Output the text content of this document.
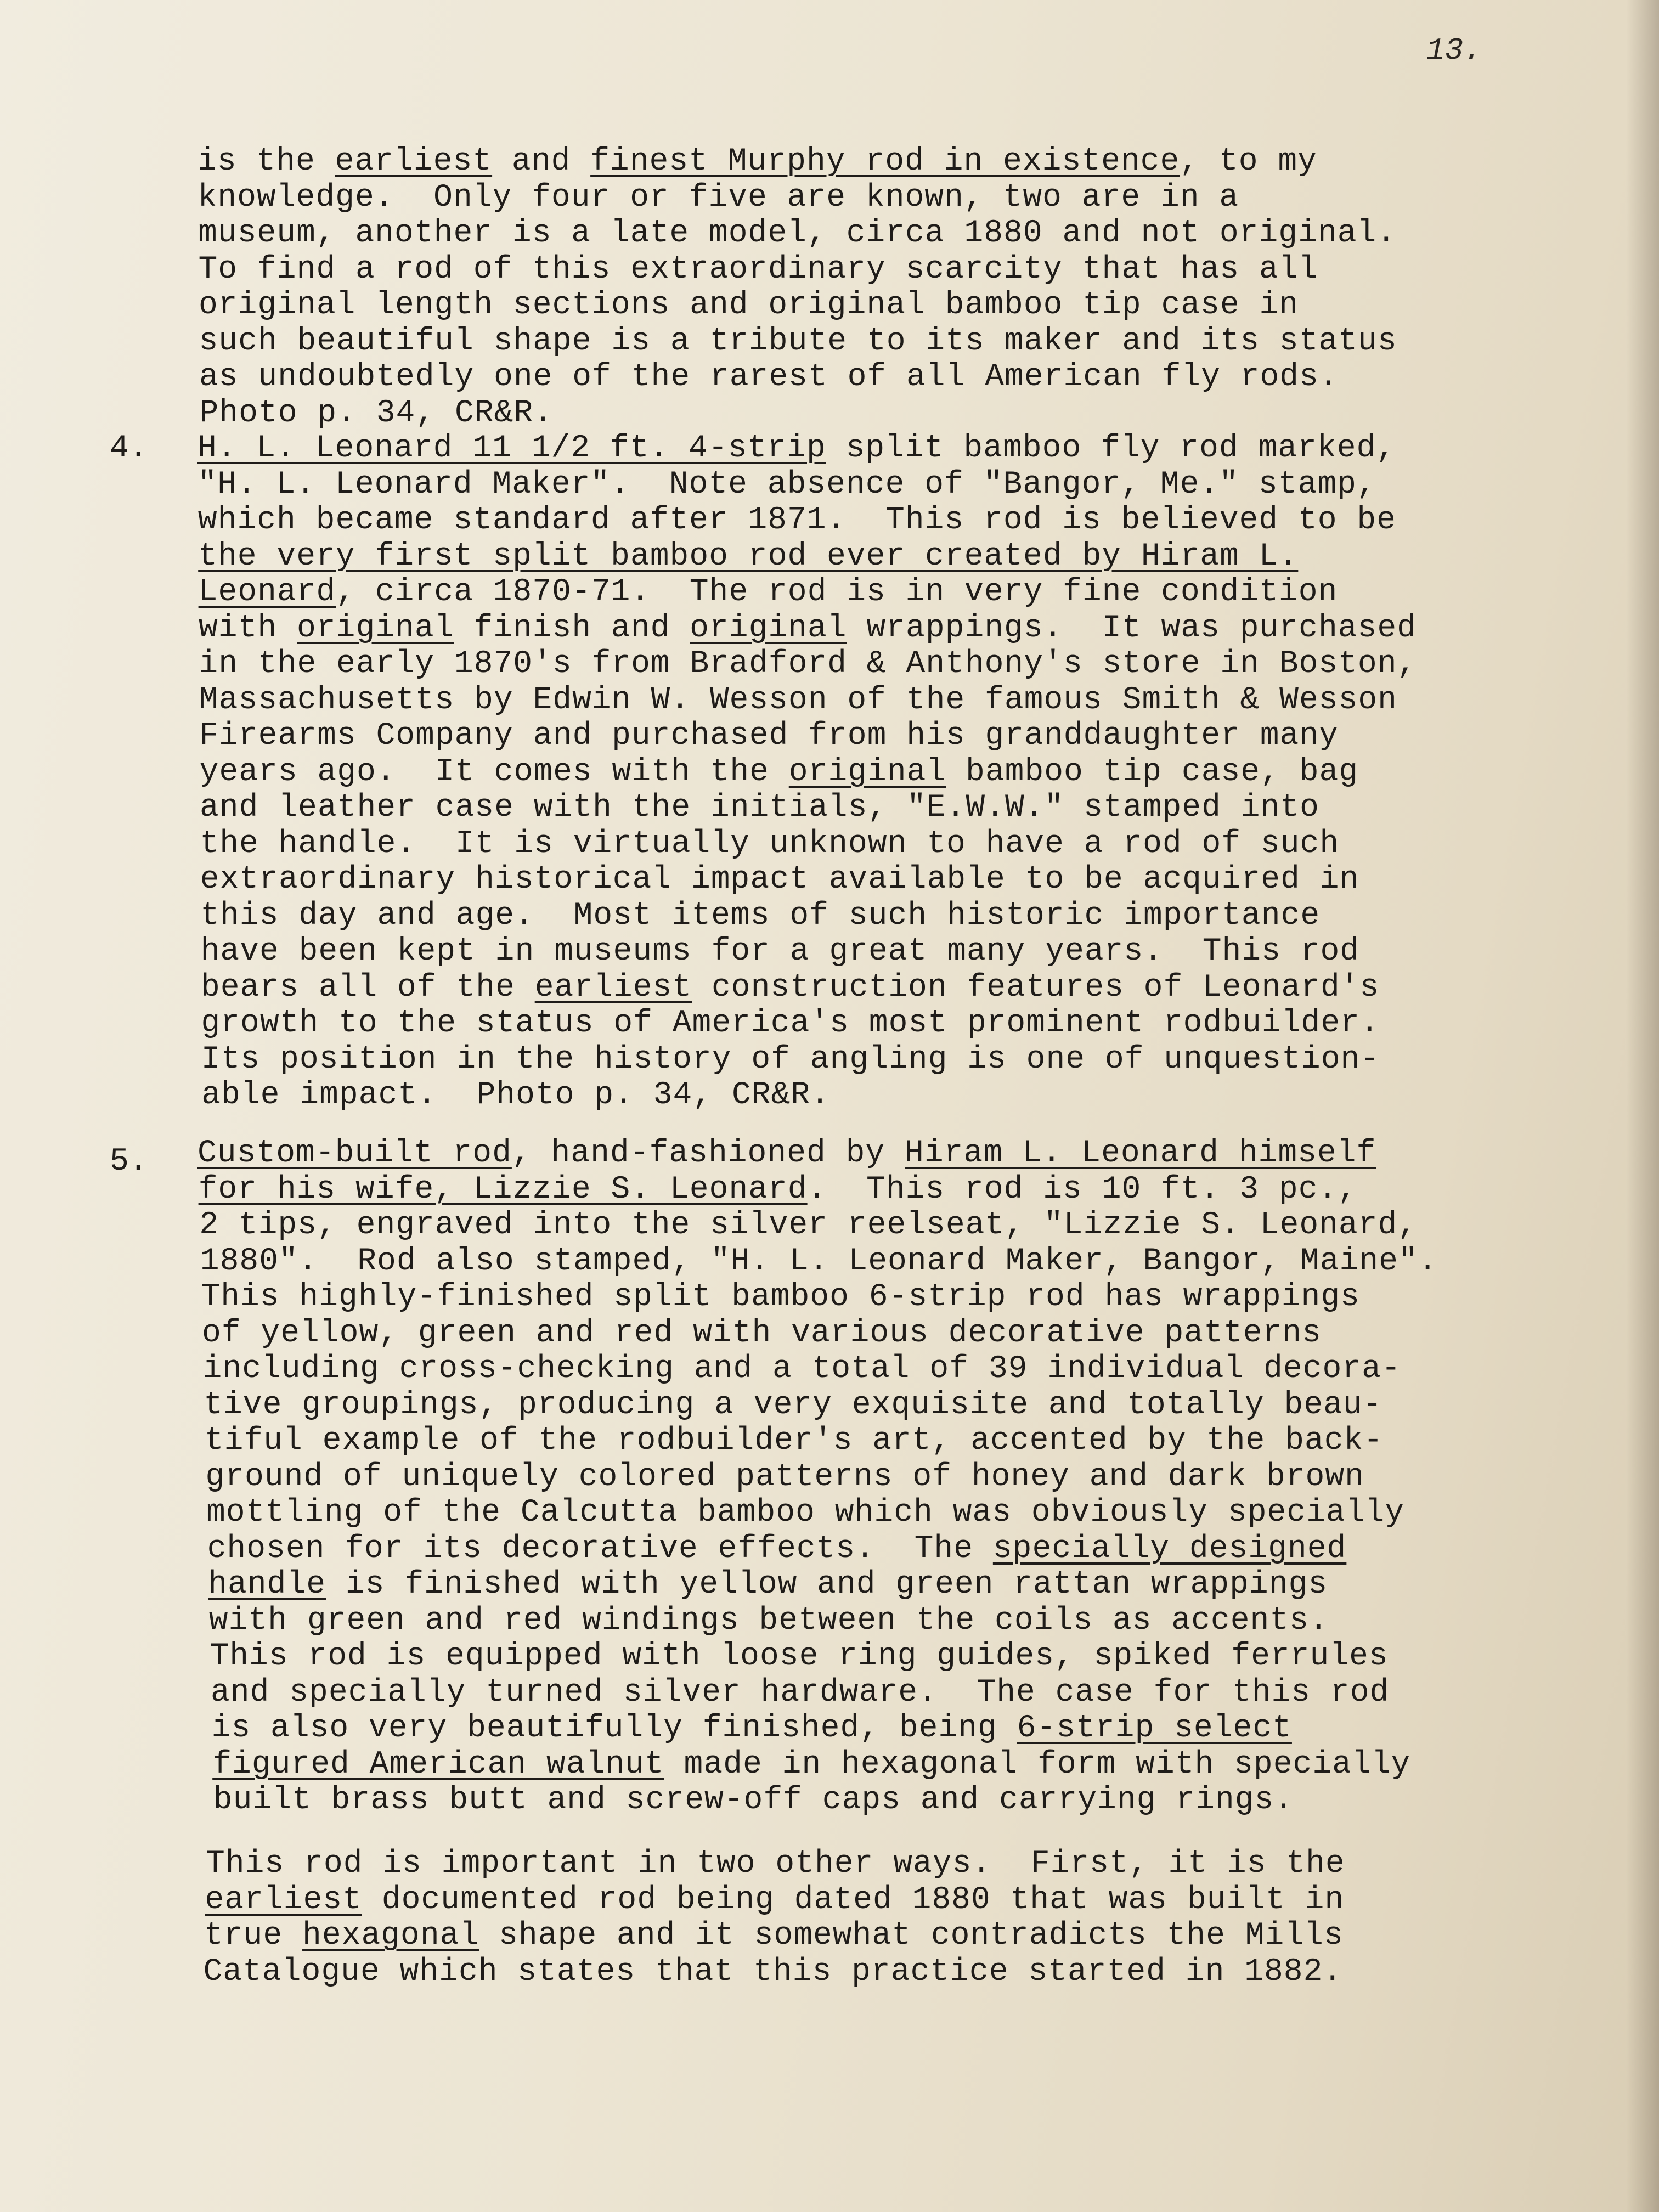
13.
is the earliest and finest Murphy rod in existence, to my
knowledge.  Only four or five are known, two are in a
museum, another is a late model, circa 1880 and not original.
To find a rod of this extraordinary scarcity that has all
original length sections and original bamboo tip case in
such beautiful shape is a tribute to its maker and its status
as undoubtedly one of the rarest of all American fly rods.
Photo p. 34, CR&R.
4. H. L. Leonard 11 1/2 ft. 4-strip split bamboo fly rod marked,
"H. L. Leonard Maker".  Note absence of "Bangor, Me." stamp,
which became standard after 1871.  This rod is believed to be
the very first split bamboo rod ever created by Hiram L.
Leonard, circa 1870-71.  The rod is in very fine condition
with original finish and original wrappings.  It was purchased
in the early 1870's from Bradford & Anthony's store in Boston,
Massachusetts by Edwin W. Wesson of the famous Smith & Wesson
Firearms Company and purchased from his granddaughter many
years ago.  It comes with the original bamboo tip case, bag
and leather case with the initials, "E.W.W." stamped into
the handle.  It is virtually unknown to have a rod of such
extraordinary historical impact available to be acquired in
this day and age.  Most items of such historic importance
have been kept in museums for a great many years.  This rod
bears all of the earliest construction features of Leonard's
growth to the status of America's most prominent rodbuilder.
Its position in the history of angling is one of unquestion-
able impact.  Photo p. 34, CR&R.
5. Custom-built rod, hand-fashioned by Hiram L. Leonard himself
for his wife, Lizzie S. Leonard.  This rod is 10 ft. 3 pc.,
2 tips, engraved into the silver reelseat, "Lizzie S. Leonard,
1880".  Rod also stamped, "H. L. Leonard Maker, Bangor, Maine".
This highly-finished split bamboo 6-strip rod has wrappings
of yellow, green and red with various decorative patterns
including cross-checking and a total of 39 individual decora-
tive groupings, producing a very exquisite and totally beau-
tiful example of the rodbuilder's art, accented by the back-
ground of uniquely colored patterns of honey and dark brown
mottling of the Calcutta bamboo which was obviously specially
chosen for its decorative effects.  The specially designed
handle is finished with yellow and green rattan wrappings
with green and red windings between the coils as accents.
This rod is equipped with loose ring guides, spiked ferrules
and specially turned silver hardware.  The case for this rod
is also very beautifully finished, being 6-strip select
figured American walnut made in hexagonal form with specially
built brass butt and screw-off caps and carrying rings.
This rod is important in two other ways.  First, it is the
earliest documented rod being dated 1880 that was built in
true hexagonal shape and it somewhat contradicts the Mills
Catalogue which states that this practice started in 1882.
